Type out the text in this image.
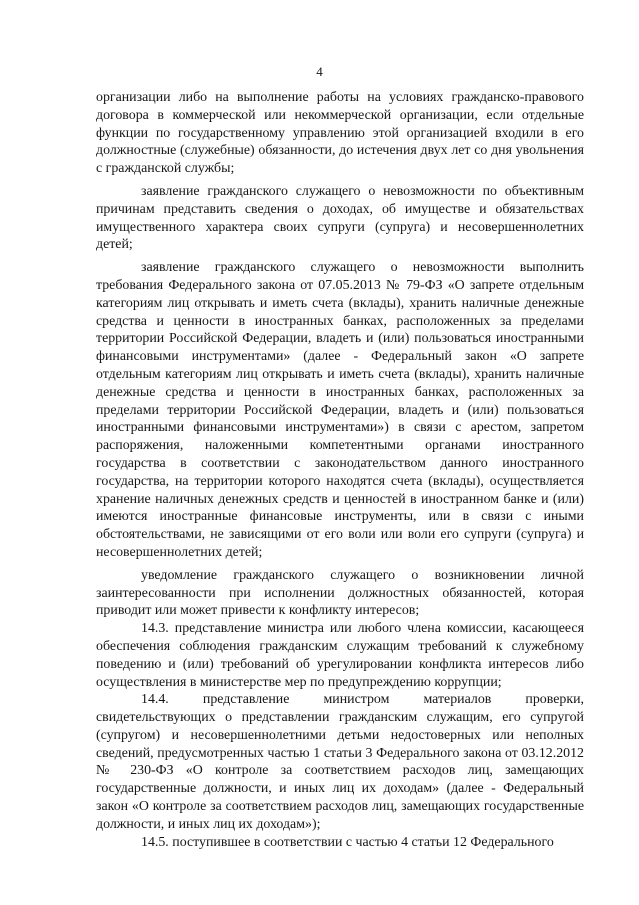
4

организации либо на выполнение работы на условиях гражданско-правового договора в коммерческой или некоммерческой организации, если отдельные функции по государственному управлению этой организацией входили в его должностные (служебные) обязанности, до истечения двух лет со дня увольнения с гражданской службы;

заявление гражданского служащего о невозможности по объективным причинам представить сведения о доходах, об имуществе и обязательствах имущественного характера своих супруги (супруга) и несовершеннолетних детей;

заявление гражданского служащего о невозможности выполнить требования Федерального закона от 07.05.2013 № 79-ФЗ «О запрете отдельным категориям лиц открывать и иметь счета (вклады), хранить наличные денежные средства и ценности в иностранных банках, расположенных за пределами территории Российской Федерации, владеть и (или) пользоваться иностранными финансовыми инструментами» (далее - Федеральный закон «О запрете отдельным категориям лиц открывать и иметь счета (вклады), хранить наличные денежные средства и ценности в иностранных банках, расположенных за пределами территории Российской Федерации, владеть и (или) пользоваться иностранными финансовыми инструментами») в связи с арестом, запретом распоряжения, наложенными компетентными органами иностранного государства в соответствии с законодательством данного иностранного государства, на территории которого находятся счета (вклады), осуществляется хранение наличных денежных средств и ценностей в иностранном банке и (или) имеются иностранные финансовые инструменты, или в связи с иными обстоятельствами, не зависящими от его воли или воли его супруги (супруга) и несовершеннолетних детей;

уведомление гражданского служащего о возникновении личной заинтересованности при исполнении должностных обязанностей, которая приводит или может привести к конфликту интересов;

14.3. представление министра или любого члена комиссии, касающееся обеспечения соблюдения гражданским служащим требований к служебному поведению и (или) требований об урегулировании конфликта интересов либо осуществления в министерстве мер по предупреждению коррупции;

14.4. представление министром материалов проверки, свидетельствующих о представлении гражданским служащим, его супругой (супругом) и несовершеннолетними детьми недостоверных или неполных сведений, предусмотренных частью 1 статьи 3 Федерального закона от 03.12.2012 № 230-ФЗ «О контроле за соответствием расходов лиц, замещающих государственные должности, и иных лиц их доходам» (далее - Федеральный закон «О контроле за соответствием расходов лиц, замещающих государственные должности, и иных лиц их доходам»);

14.5. поступившее в соответствии с частью 4 статьи 12 Федерального
